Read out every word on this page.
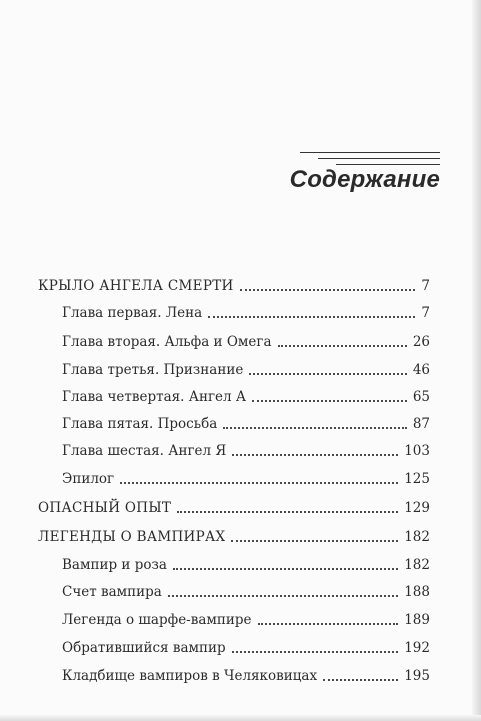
Содержание
КРЫЛО АНГЕЛА СМЕРТИ	7
Глава первая. Лена	7
Глава вторая. Альфа и Омега	26
Глава третья. Признание	46
Глава четвертая. Ангел А	65
Глава пятая. Просьба	87
Глава шестая. Ангел Я	103
Эпилог	125
ОПАСНЫЙ ОПЫТ	129
ЛЕГЕНДЫ О ВАМПИРАХ	182
Вампир и роза	182
Счет вампира	188
Легенда о шарфе-вампире	189
Обратившийся вампир	192
Кладбище вампиров в Челяковицах	195
